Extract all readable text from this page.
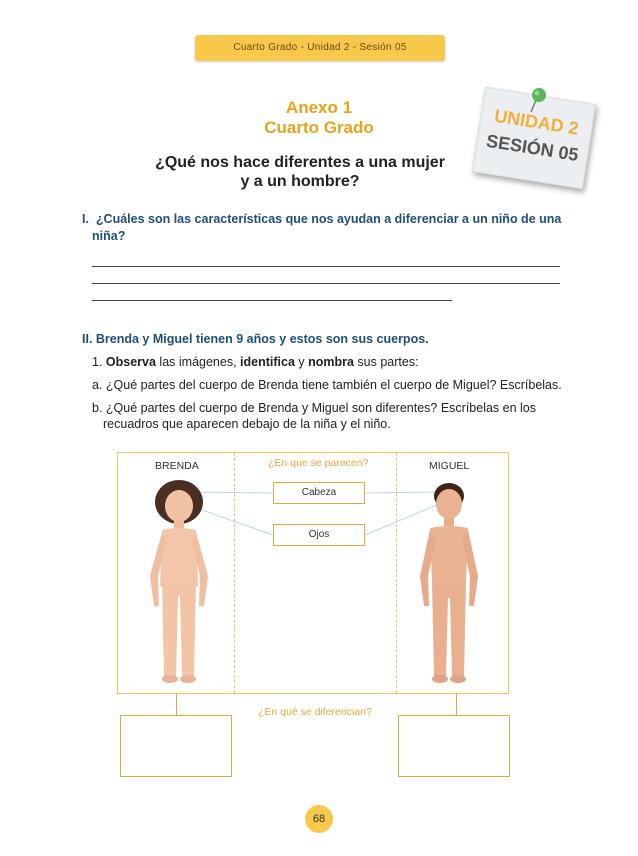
Cuarto Grado - Unidad 2 - Sesión 05
Anexo 1
Cuarto Grado
¿Qué nos hace diferentes a una mujer
y a un hombre?
UNIDAD 2
SESIÓN 05
I. ¿Cuáles son las características que nos ayudan a diferenciar a un niño de una
niña?
II. Brenda y Miguel tienen 9 años y estos son sus cuerpos.
1. Observa las imágenes, identifica y nombra sus partes:
a. ¿Qué partes del cuerpo de Brenda tiene también el cuerpo de Miguel? Escríbelas.
b. ¿Qué partes del cuerpo de Brenda y Miguel son diferentes? Escríbelas en los
recuadros que aparecen debajo de la niña y el niño.
BRENDA	MIGUEL
¿En que se parecen?
Cabeza
Ojos
¿En qué se diferencian?
68
